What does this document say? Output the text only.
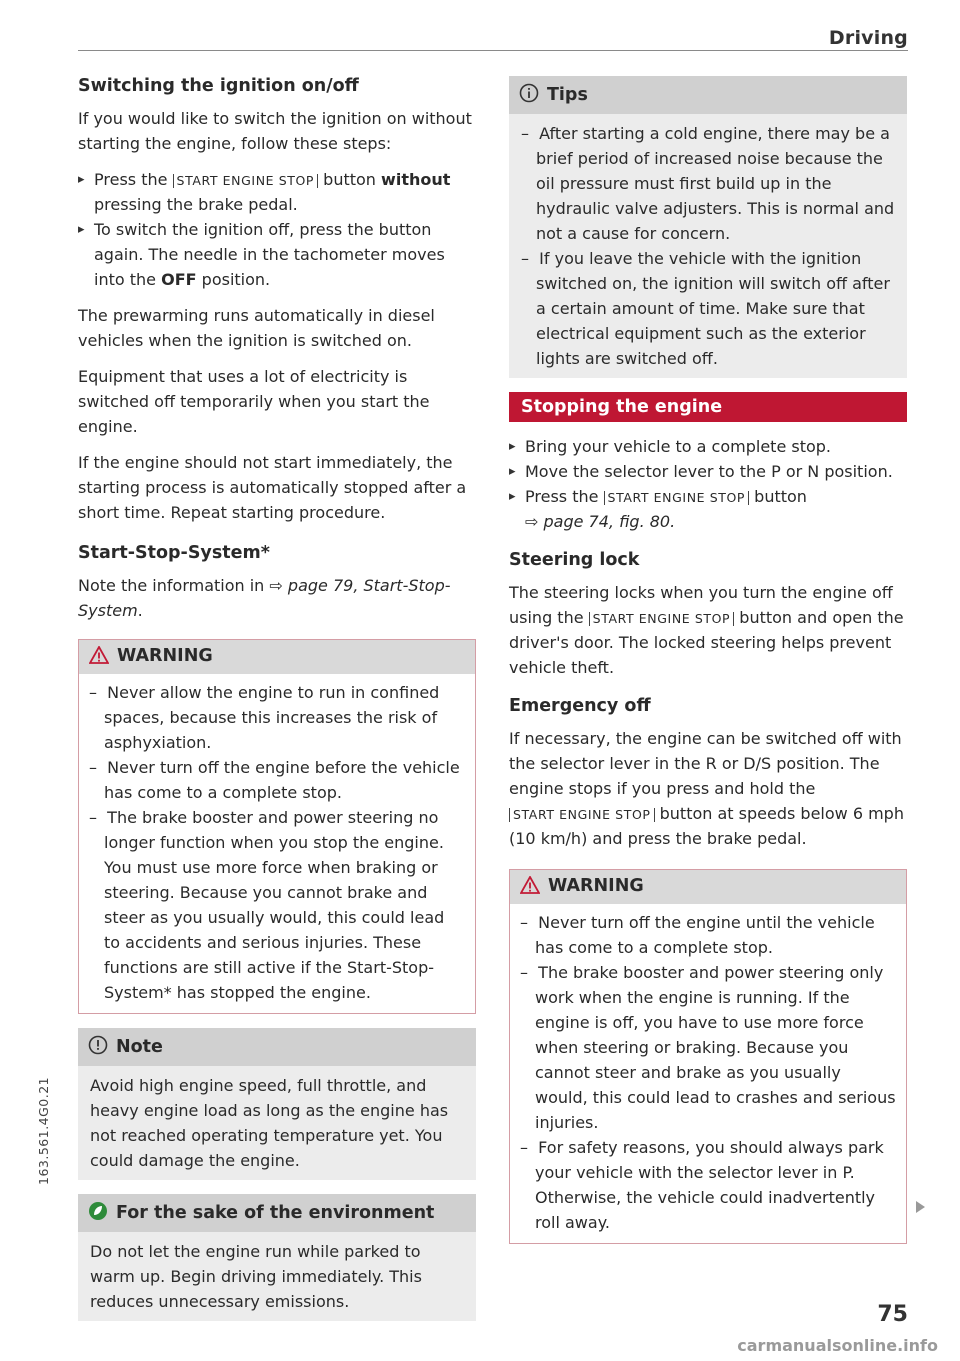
Driving
Switching the ignition on/off

If you would like to switch the ignition on without starting the engine, follow these steps:

▸ Press the START ENGINE STOP button without pressing the brake pedal.
▸ To switch the ignition off, press the button again. The needle in the tachometer moves into the OFF position.

The prewarming runs automatically in diesel vehicles when the ignition is switched on.

Equipment that uses a lot of electricity is switched off temporarily when you start the engine.

If the engine should not start immediately, the starting process is automatically stopped after a short time. Repeat starting procedure.

Start-Stop-System*

Note the information in ⇨ page 79, Start-Stop-System.

WARNING
–  Never allow the engine to run in confined spaces, because this increases the risk of asphyxiation.
–  Never turn off the engine before the vehicle has come to a complete stop.
–  The brake booster and power steering no longer function when you stop the engine. You must use more force when braking or steering. Because you cannot brake and steer as you usually would, this could lead to accidents and serious injuries. These functions are still active if the Start-Stop-System* has stopped the engine.
Note

Avoid high engine speed, full throttle, and heavy engine load as long as the engine has not reached operating temperature yet. You could damage the engine.

For the sake of the environment

Do not let the engine run while parked to warm up. Begin driving immediately. This reduces unnecessary emissions.

Tips
–  After starting a cold engine, there may be a brief period of increased noise because the oil pressure must first build up in the hydraulic valve adjusters. This is normal and not a cause for concern.
–  If you leave the vehicle with the ignition switched on, the ignition will switch off after a certain amount of time. Make sure that electrical equipment such as the exterior lights are switched off.
Stopping the engine
▸ Bring your vehicle to a complete stop.
▸ Move the selector lever to the P or N position.
▸ Press the START ENGINE STOP button
⇨ page 74, fig. 80.
Steering lock

The steering locks when you turn the engine off using the START ENGINE STOP button and open the driver's door. The locked steering helps prevent vehicle theft.

Emergency off

If necessary, the engine can be switched off with the selector lever in the R or D/S position. The engine stops if you press and hold the START ENGINE STOP button at speeds below 6 mph (10 km/h) and press the brake pedal.

WARNING
–  Never turn off the engine until the vehicle has come to a complete stop.
–  The brake booster and power steering only work when the engine is running. If the engine is off, you have to use more force when steering or braking. Because you cannot steer and brake as you usually would, this could lead to crashes and serious injuries.
–  For safety reasons, you should always park your vehicle with the selector lever in P. Otherwise, the vehicle could inadvertently roll away.
163.561.4G0.21
75
carmanualsonline.info
